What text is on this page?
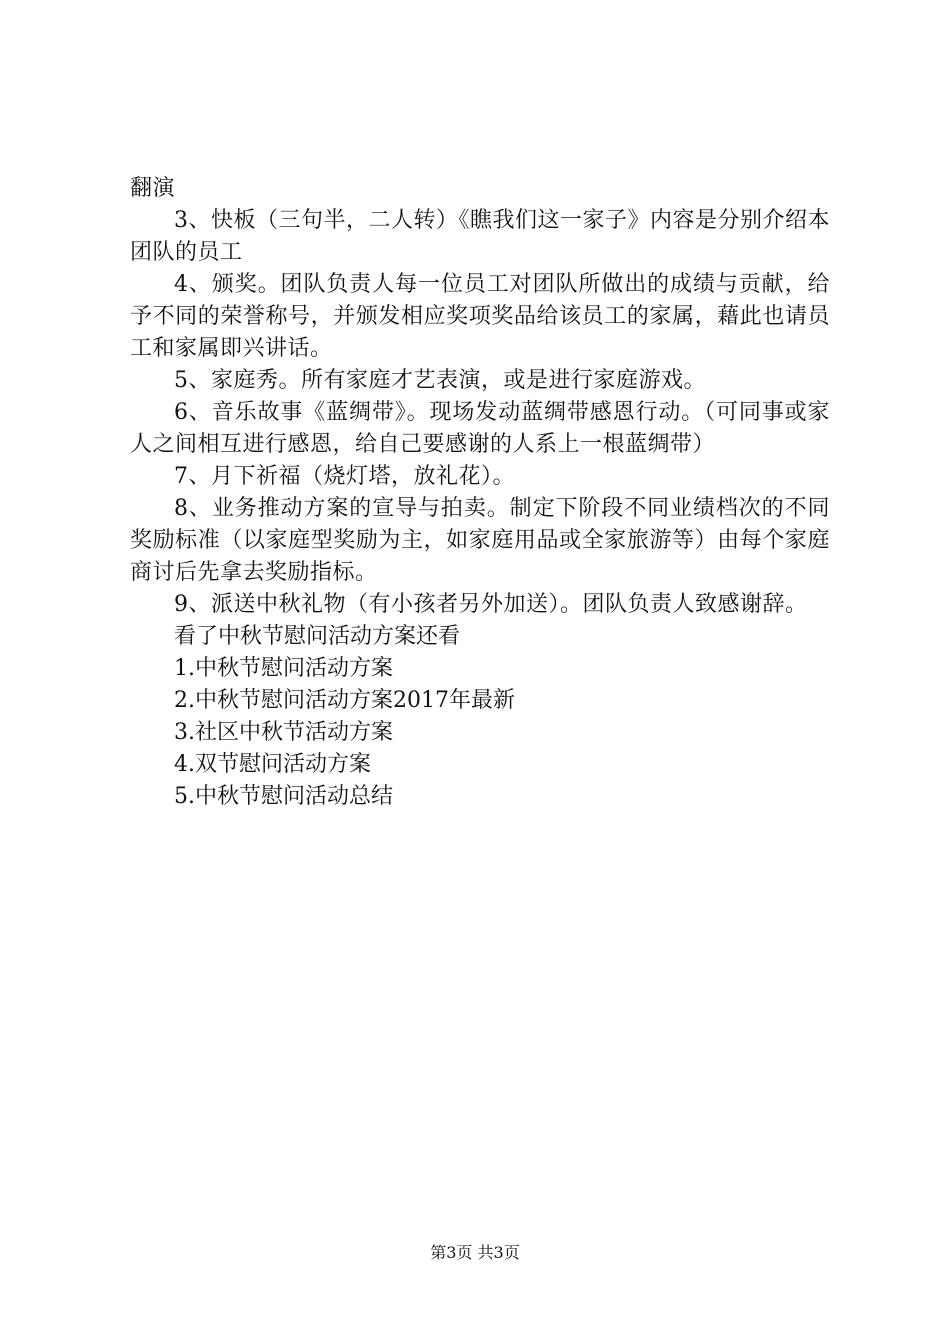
翻演

3、快板（三句半，二人转）《瞧我们这一家子》内容是分别介绍本团队的员工

4、颁奖。团队负责人每一位员工对团队所做出的成绩与贡献，给予不同的荣誉称号，并颁发相应奖项奖品给该员工的家属，藉此也请员工和家属即兴讲话。

5、家庭秀。所有家庭才艺表演，或是进行家庭游戏。

6、音乐故事《蓝绸带》。现场发动蓝绸带感恩行动。（可同事或家人之间相互进行感恩，给自己要感谢的人系上一根蓝绸带）

7、月下祈福（烧灯塔，放礼花）。

8、业务推动方案的宣导与拍卖。制定下阶段不同业绩档次的不同奖励标准（以家庭型奖励为主，如家庭用品或全家旅游等）由每个家庭商讨后先拿去奖励指标。

9、派送中秋礼物（有小孩者另外加送）。团队负责人致感谢辞。

看了中秋节慰问活动方案还看

1.中秋节慰问活动方案

2.中秋节慰问活动方案2017年最新

3.社区中秋节活动方案

4.双节慰问活动方案

5.中秋节慰问活动总结

第3页 共3页
